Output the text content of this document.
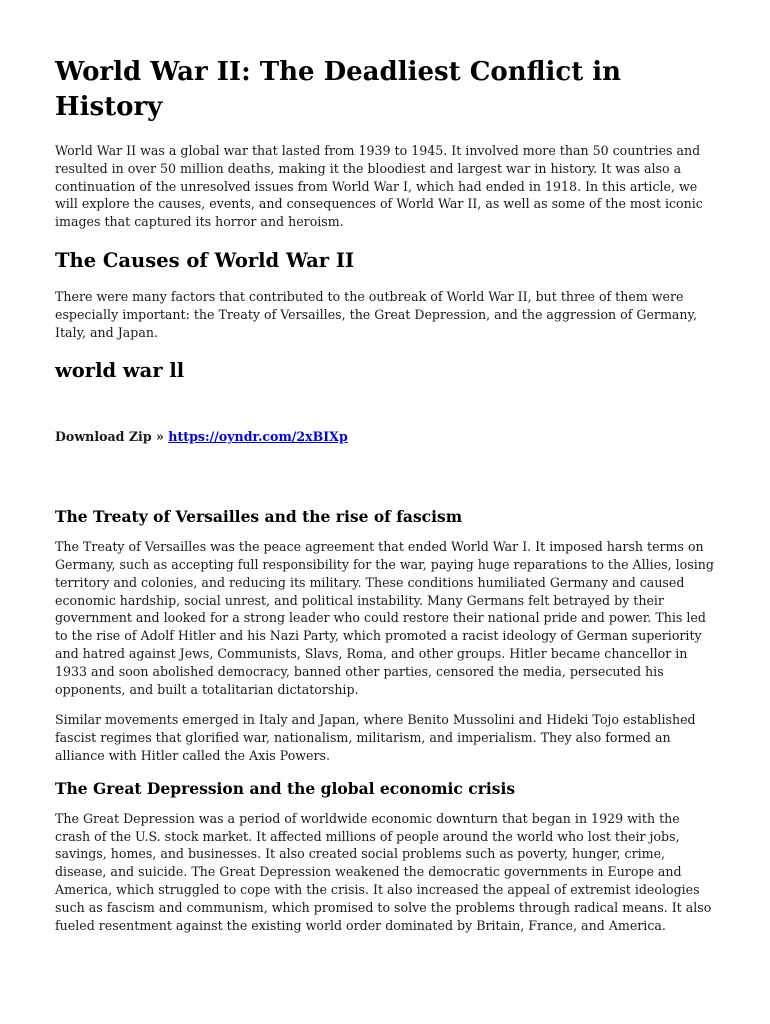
World War II: The Deadliest Conflict in History

World War II was a global war that lasted from 1939 to 1945. It involved more than 50 countries and resulted in over 50 million deaths, making it the bloodiest and largest war in history. It was also a continuation of the unresolved issues from World War I, which had ended in 1918. In this article, we will explore the causes, events, and consequences of World War II, as well as some of the most iconic images that captured its horror and heroism.

The Causes of World War II

There were many factors that contributed to the outbreak of World War II, but three of them were especially important: the Treaty of Versailles, the Great Depression, and the aggression of Germany, Italy, and Japan.

world war ll

Download Zip » https://oyndr.com/2xBIXp

The Treaty of Versailles and the rise of fascism

The Treaty of Versailles was the peace agreement that ended World War I. It imposed harsh terms on Germany, such as accepting full responsibility for the war, paying huge reparations to the Allies, losing territory and colonies, and reducing its military. These conditions humiliated Germany and caused economic hardship, social unrest, and political instability. Many Germans felt betrayed by their government and looked for a strong leader who could restore their national pride and power. This led to the rise of Adolf Hitler and his Nazi Party, which promoted a racist ideology of German superiority and hatred against Jews, Communists, Slavs, Roma, and other groups. Hitler became chancellor in 1933 and soon abolished democracy, banned other parties, censored the media, persecuted his opponents, and built a totalitarian dictatorship.

Similar movements emerged in Italy and Japan, where Benito Mussolini and Hideki Tojo established fascist regimes that glorified war, nationalism, militarism, and imperialism. They also formed an alliance with Hitler called the Axis Powers.

The Great Depression and the global economic crisis

The Great Depression was a period of worldwide economic downturn that began in 1929 with the crash of the U.S. stock market. It affected millions of people around the world who lost their jobs, savings, homes, and businesses. It also created social problems such as poverty, hunger, crime, disease, and suicide. The Great Depression weakened the democratic governments in Europe and America, which struggled to cope with the crisis. It also increased the appeal of extremist ideologies such as fascism and communism, which promised to solve the problems through radical means. It also fueled resentment against the existing world order dominated by Britain, France, and America.
